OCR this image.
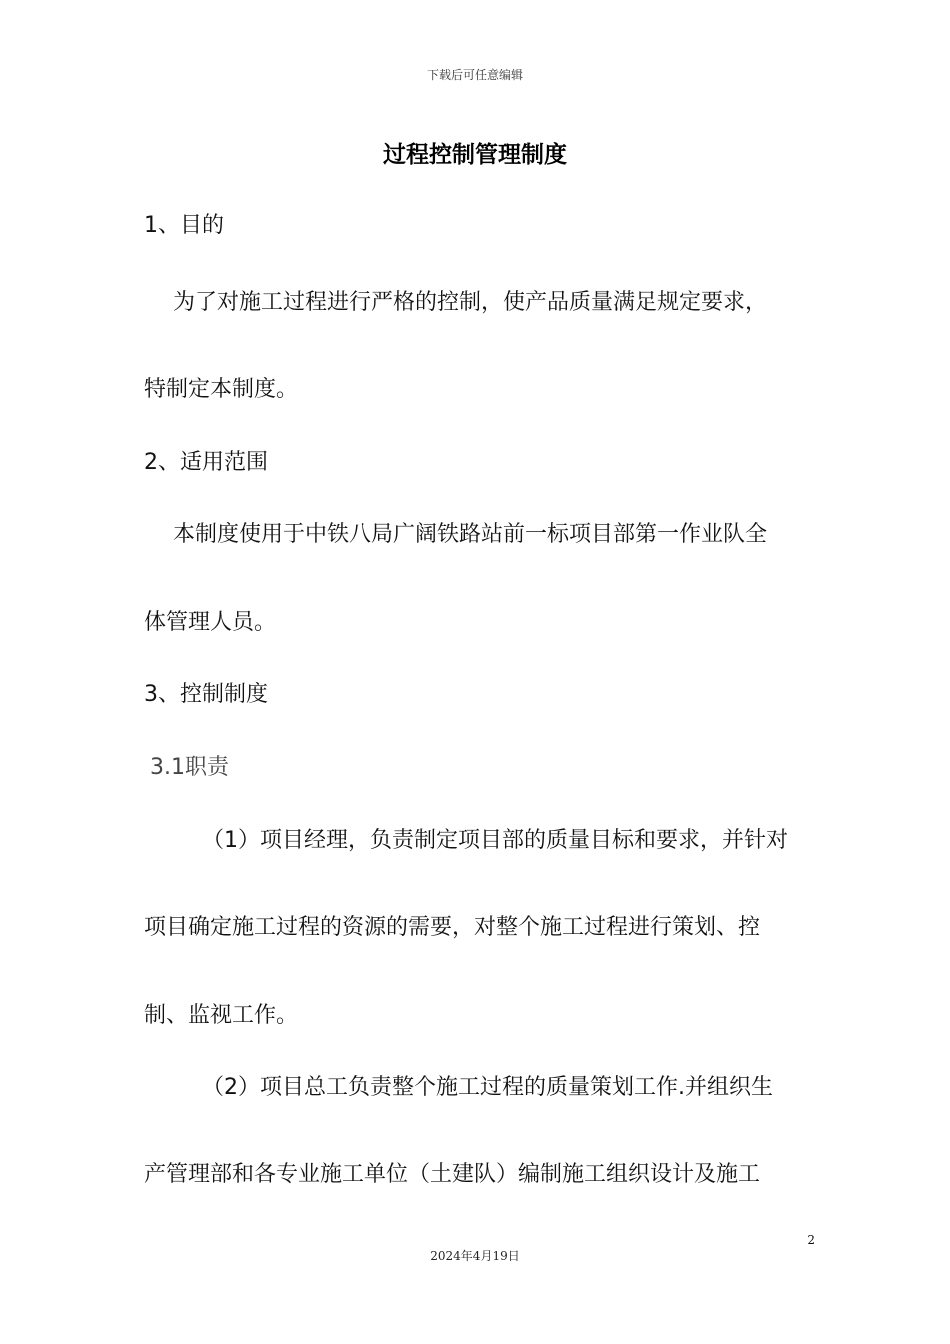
下载后可任意编辑
过程控制管理制度
1、目的
为了对施工过程进行严格的控制，使产品质量满足规定要求，
特制定本制度。
2、适用范围
本制度使用于中铁八局广阔铁路站前一标项目部第一作业队全
体管理人员。
3、控制制度
3.1职责
（1）项目经理，负责制定项目部的质量目标和要求，并针对
项目确定施工过程的资源的需要，对整个施工过程进行策划、控
制、监视工作。
（2）项目总工负责整个施工过程的质量策划工作.并组织生
产管理部和各专业施工单位（土建队）编制施工组织设计及施工
2
2024年4月19日
